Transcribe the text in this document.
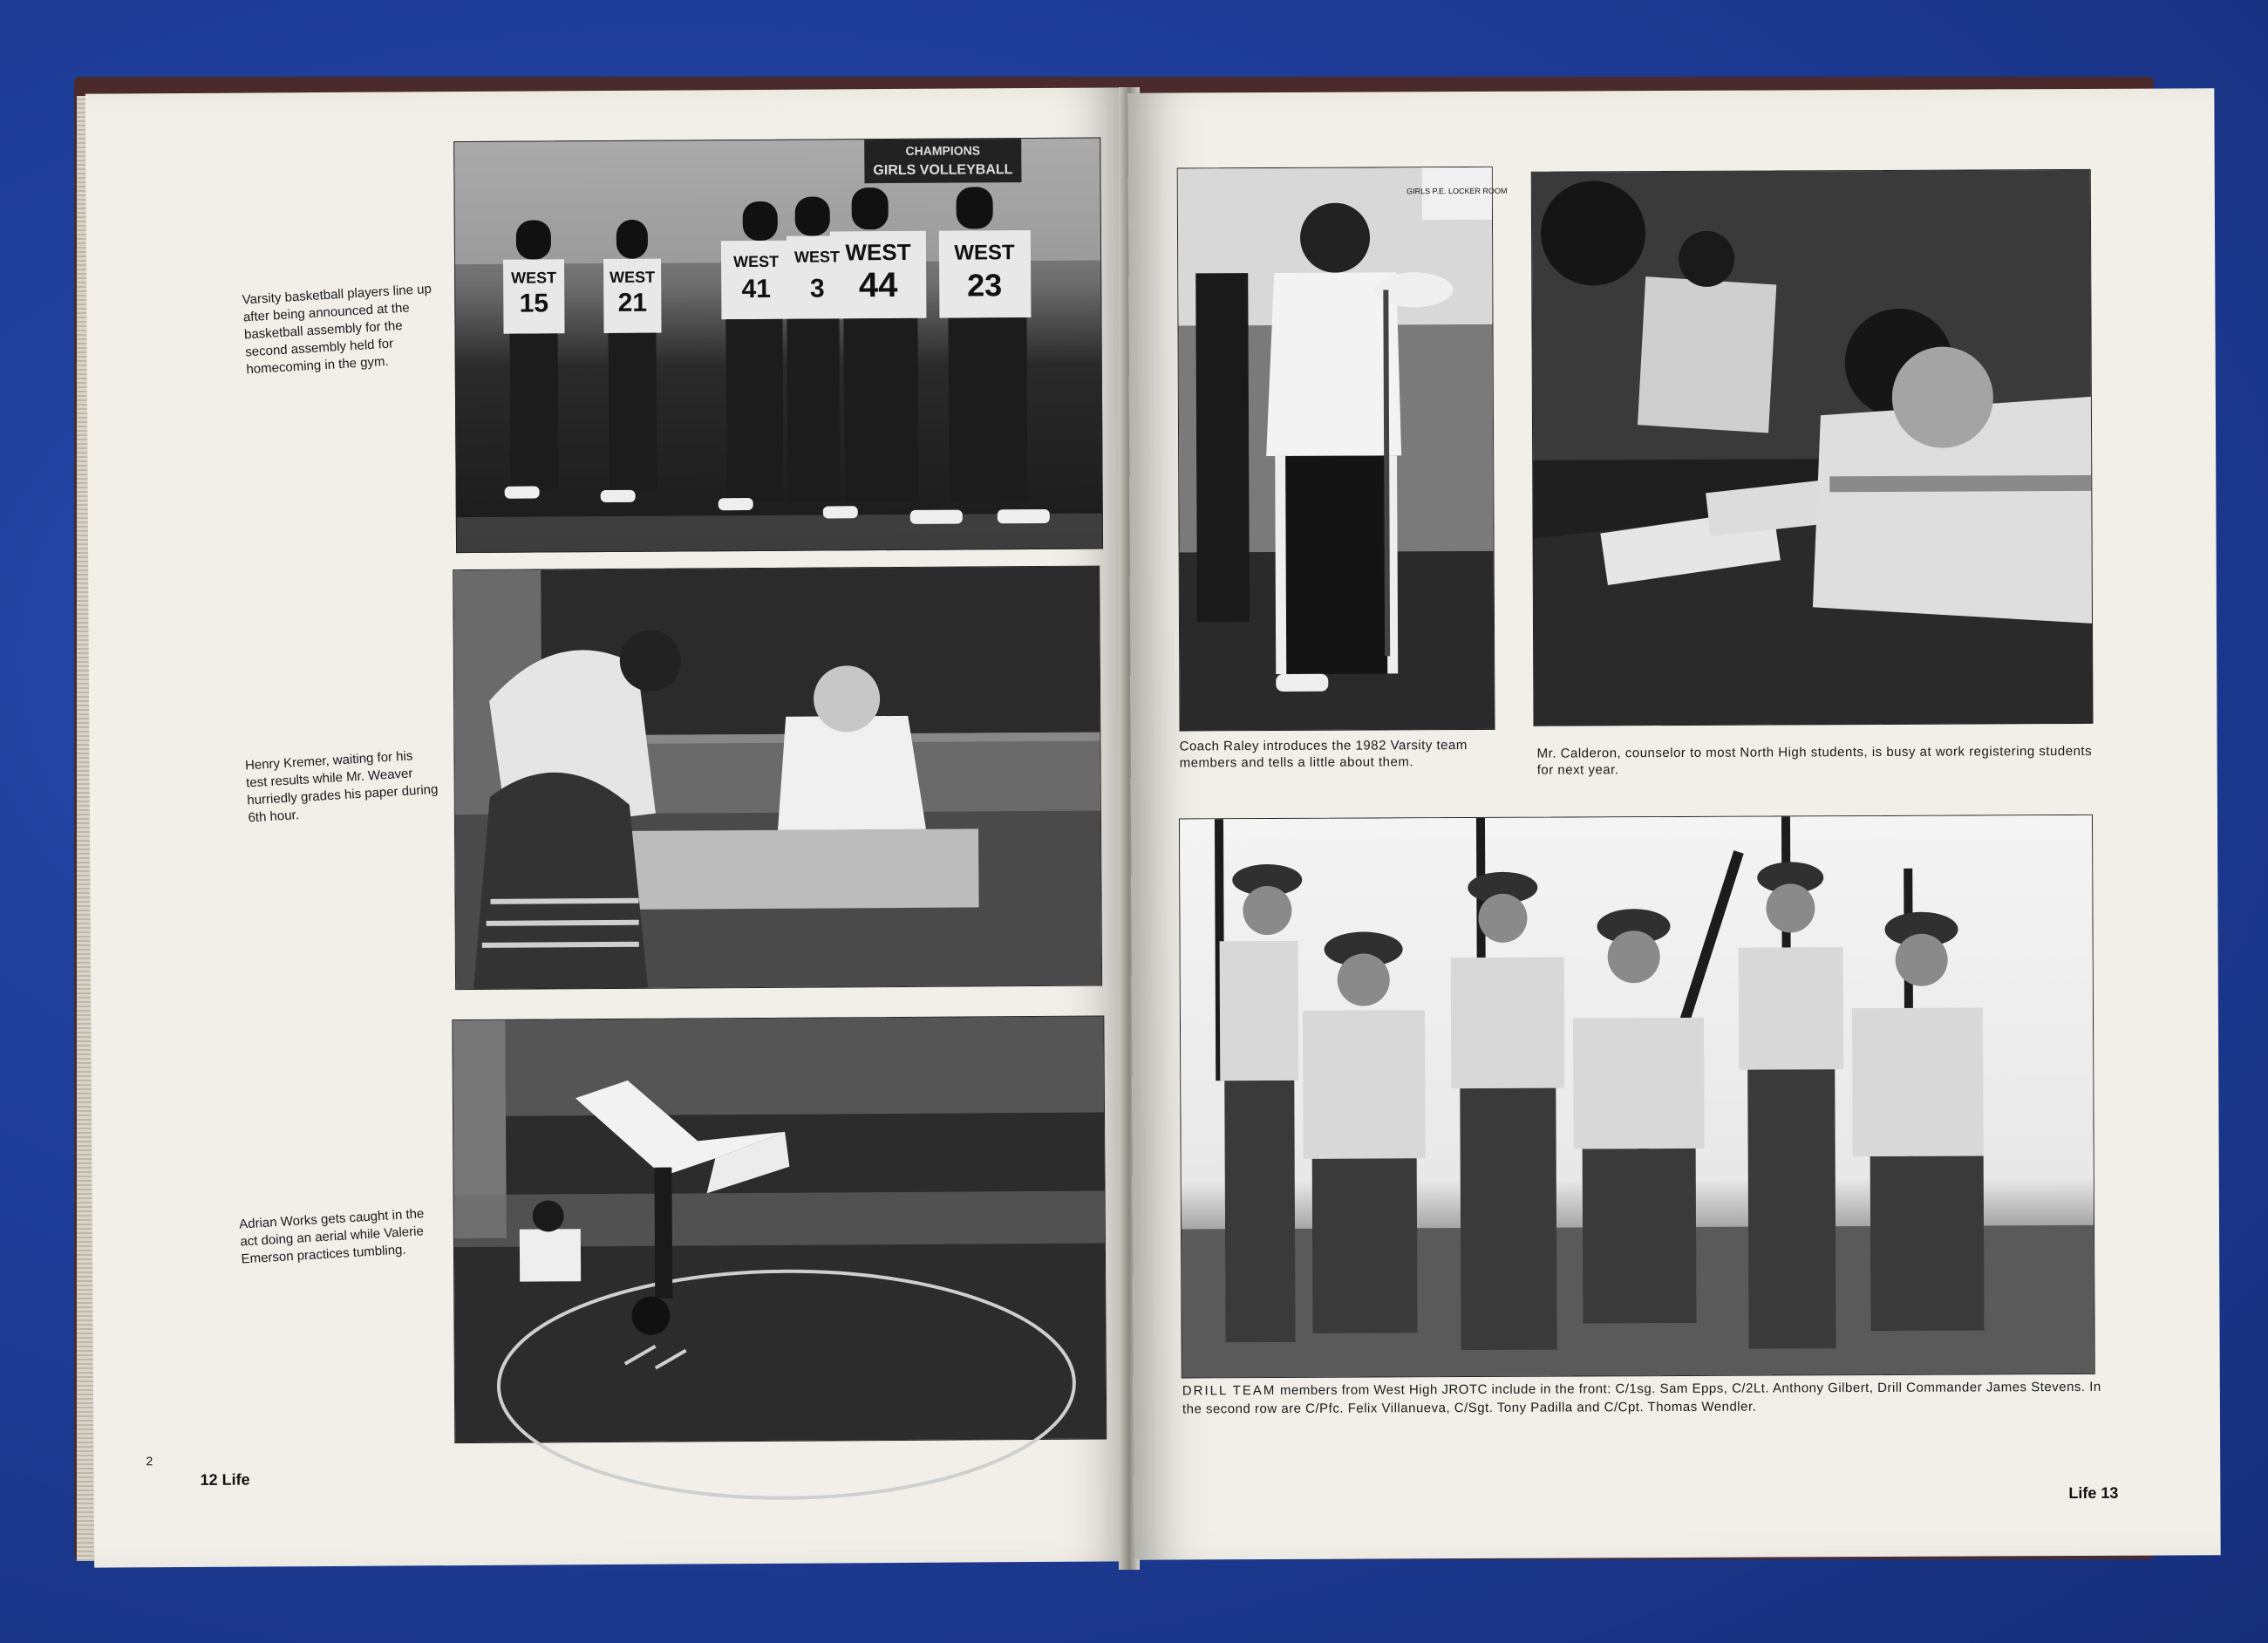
WEST
15
WEST
21
WEST
41
WEST
3
WEST
44
WEST
23
CHAMPIONS
GIRLS VOLLEYBALL
Varsity basketball players line up after being announced at the basketball assembly for the second assembly held for homecoming in the gym.
Henry Kremer, waiting for his test results while Mr. Weaver hurriedly grades his paper during 6th hour.
Adrian Works gets caught in the act doing an aerial while Valerie Emerson practices tumbling.
2
12 Life
GIRLS P.E. LOCKER ROOM
Coach Raley introduces the 1982 Varsity team members and tells a little about them.
Mr. Calderon, counselor to most North High students, is busy at work registering students for next year.
DRILL TEAM members from West High JROTC include in the front: C/1sg. Sam Epps, C/2Lt. Anthony Gilbert, Drill Commander James Stevens. In the second row are C/Pfc. Felix Villanueva, C/Sgt. Tony Padilla and C/Cpt. Thomas Wendler.
Life 13
